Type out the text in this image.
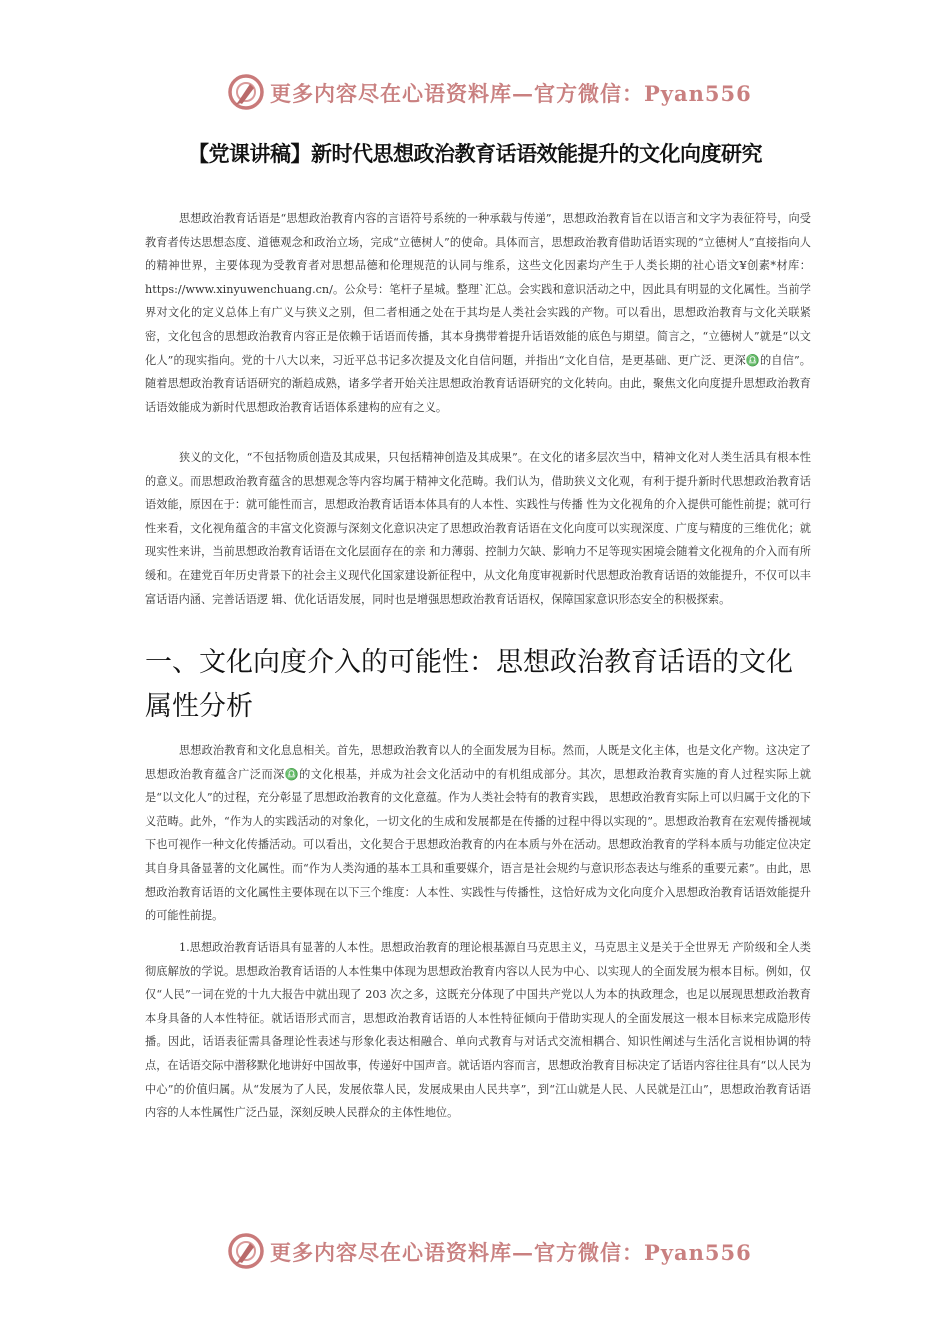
更多内容尽在心语资料库—官方微信：Pyan556
【党课讲稿】新时代思想政治教育话语效能提升的文化向度研究

思想政治教育话语是“思想政治教育内容的言语符号系统的一种承载与传递”，思想政治教育旨在以语言和文字为表征符号，向受教育者传达思想态度、道德观念和政治立场，完成“立德树人”的使命。具体而言，思想政治教育借助话语实现的“立德树人”直接指向人的精神世界，主要体现为受教育者对思想品德和伦理规范的认同与维系，这些文化因素均产生于人类长期的社心语文¥创素*材库：https://www.xinyuwenchuang.cn/。公众号：笔杆子星城。整理`汇总。会实践和意识活动之中，因此具有明显的文化属性。当前学界对文化的定义总体上有广义与狭义之别，但二者相通之处在于其均是人类社会实践的产物。可以看出，思想政治教育与文化关联紧密，文化包含的思想政治教育内容正是依赖于话语而传播，其本身携带着提升话语效能的底色与期望。简言之，“立德树人”就是“以文化人”的现实指向。党的十八大以来，习近平总书记多次提及文化自信问题，并指出“文化自信，是更基础、更广泛、更深♎的自信”。随着思想政治教育话语研究的渐趋成熟，诸多学者开始关注思想政治教育话语研究的文化转向。由此，聚焦文化向度提升思想政治教育话语效能成为新时代思想政治教育话语体系建构的应有之义。

狭义的文化，“不包括物质创造及其成果，只包括精神创造及其成果”。在文化的诸多层次当中，精神文化对人类生活具有根本性的意义。而思想政治教育蕴含的思想观念等内容均属于精神文化范畴。我们认为，借助狭义文化观，有利于提升新时代思想政治教育话语效能，原因在于：就可能性而言，思想政治教育话语本体具有的人本性、实践性与传播 性为文化视角的介入提供可能性前提；就可行性来看，文化视角蕴含的丰富文化资源与深刻文化意识决定了思想政治教育话语在文化向度可以实现深度、广度与精度的三维优化；就现实性来讲，当前思想政治教育话语在文化层面存在的亲 和力薄弱、控制力欠缺、影响力不足等现实困境会随着文化视角的介入而有所缓和。在建党百年历史背景下的社会主义现代化国家建设新征程中，从文化角度审视新时代思想政治教育话语的效能提升，不仅可以丰富话语内涵、完善话语逻 辑、优化话语发展，同时也是增强思想政治教育话语权，保障国家意识形态安全的积极探索。

一、文化向度介入的可能性：思想政治教育话语的文化属性分析

思想政治教育和文化息息相关。首先，思想政治教育以人的全面发展为目标。然而，人既是文化主体，也是文化产物。这决定了思想政治教育蕴含广泛而深♎的文化根基，并成为社会文化活动中的有机组成部分。其次，思想政治教育实施的育人过程实际上就是“以文化人”的过程，充分彰显了思想政治教育的文化意蕴。作为人类社会特有的教育实践， 思想政治教育实际上可以归属于文化的下义范畴。此外，“作为人的实践活动的对象化，一切文化的生成和发展都是在传播的过程中得以实现的”。思想政治教育在宏观传播视域下也可视作一种文化传播活动。可以看出，文化契合于思想政治教育的内在本质与外在活动。思想政治教育的学科本质与功能定位决定其自身具备显著的文化属性。而“作为人类沟通的基本工具和重要媒介，语言是社会规约与意识形态表达与维系的重要元素”。由此，思想政治教育话语的文化属性主要体现在以下三个维度：人本性、实践性与传播性，这恰好成为文化向度介入思想政治教育话语效能提升的可能性前提。

1.思想政治教育话语具有显著的人本性。思想政治教育的理论根基源自马克思主义，马克思主义是关于全世界无 产阶级和全人类彻底解放的学说。思想政治教育话语的人本性集中体现为思想政治教育内容以人民为中心、以实现人的全面发展为根本目标。例如，仅仅“人民”一词在党的十九大报告中就出现了 203 次之多，这既充分体现了中国共产党以人为本的执政理念，也足以展现思想政治教育本身具备的人本性特征。就话语形式而言，思想政治教育话语的人本性特征倾向于借助实现人的全面发展这一根本目标来完成隐形传播。因此，话语表征需具备理论性表述与形象化表达相融合、单向式教育与对话式交流相耦合、知识性阐述与生活化言说相协调的特点，在话语交际中潜移默化地讲好中国故事，传递好中国声音。就话语内容而言，思想政治教育目标决定了话语内容往往具有“以人民为中心”的价值归属。从“发展为了人民，发展依靠人民，发展成果由人民共享”，到“江山就是人民、人民就是江山”，思想政治教育话语内容的人本性属性广泛凸显，深刻反映人民群众的主体性地位。

更多内容尽在心语资料库—官方微信：Pyan556
